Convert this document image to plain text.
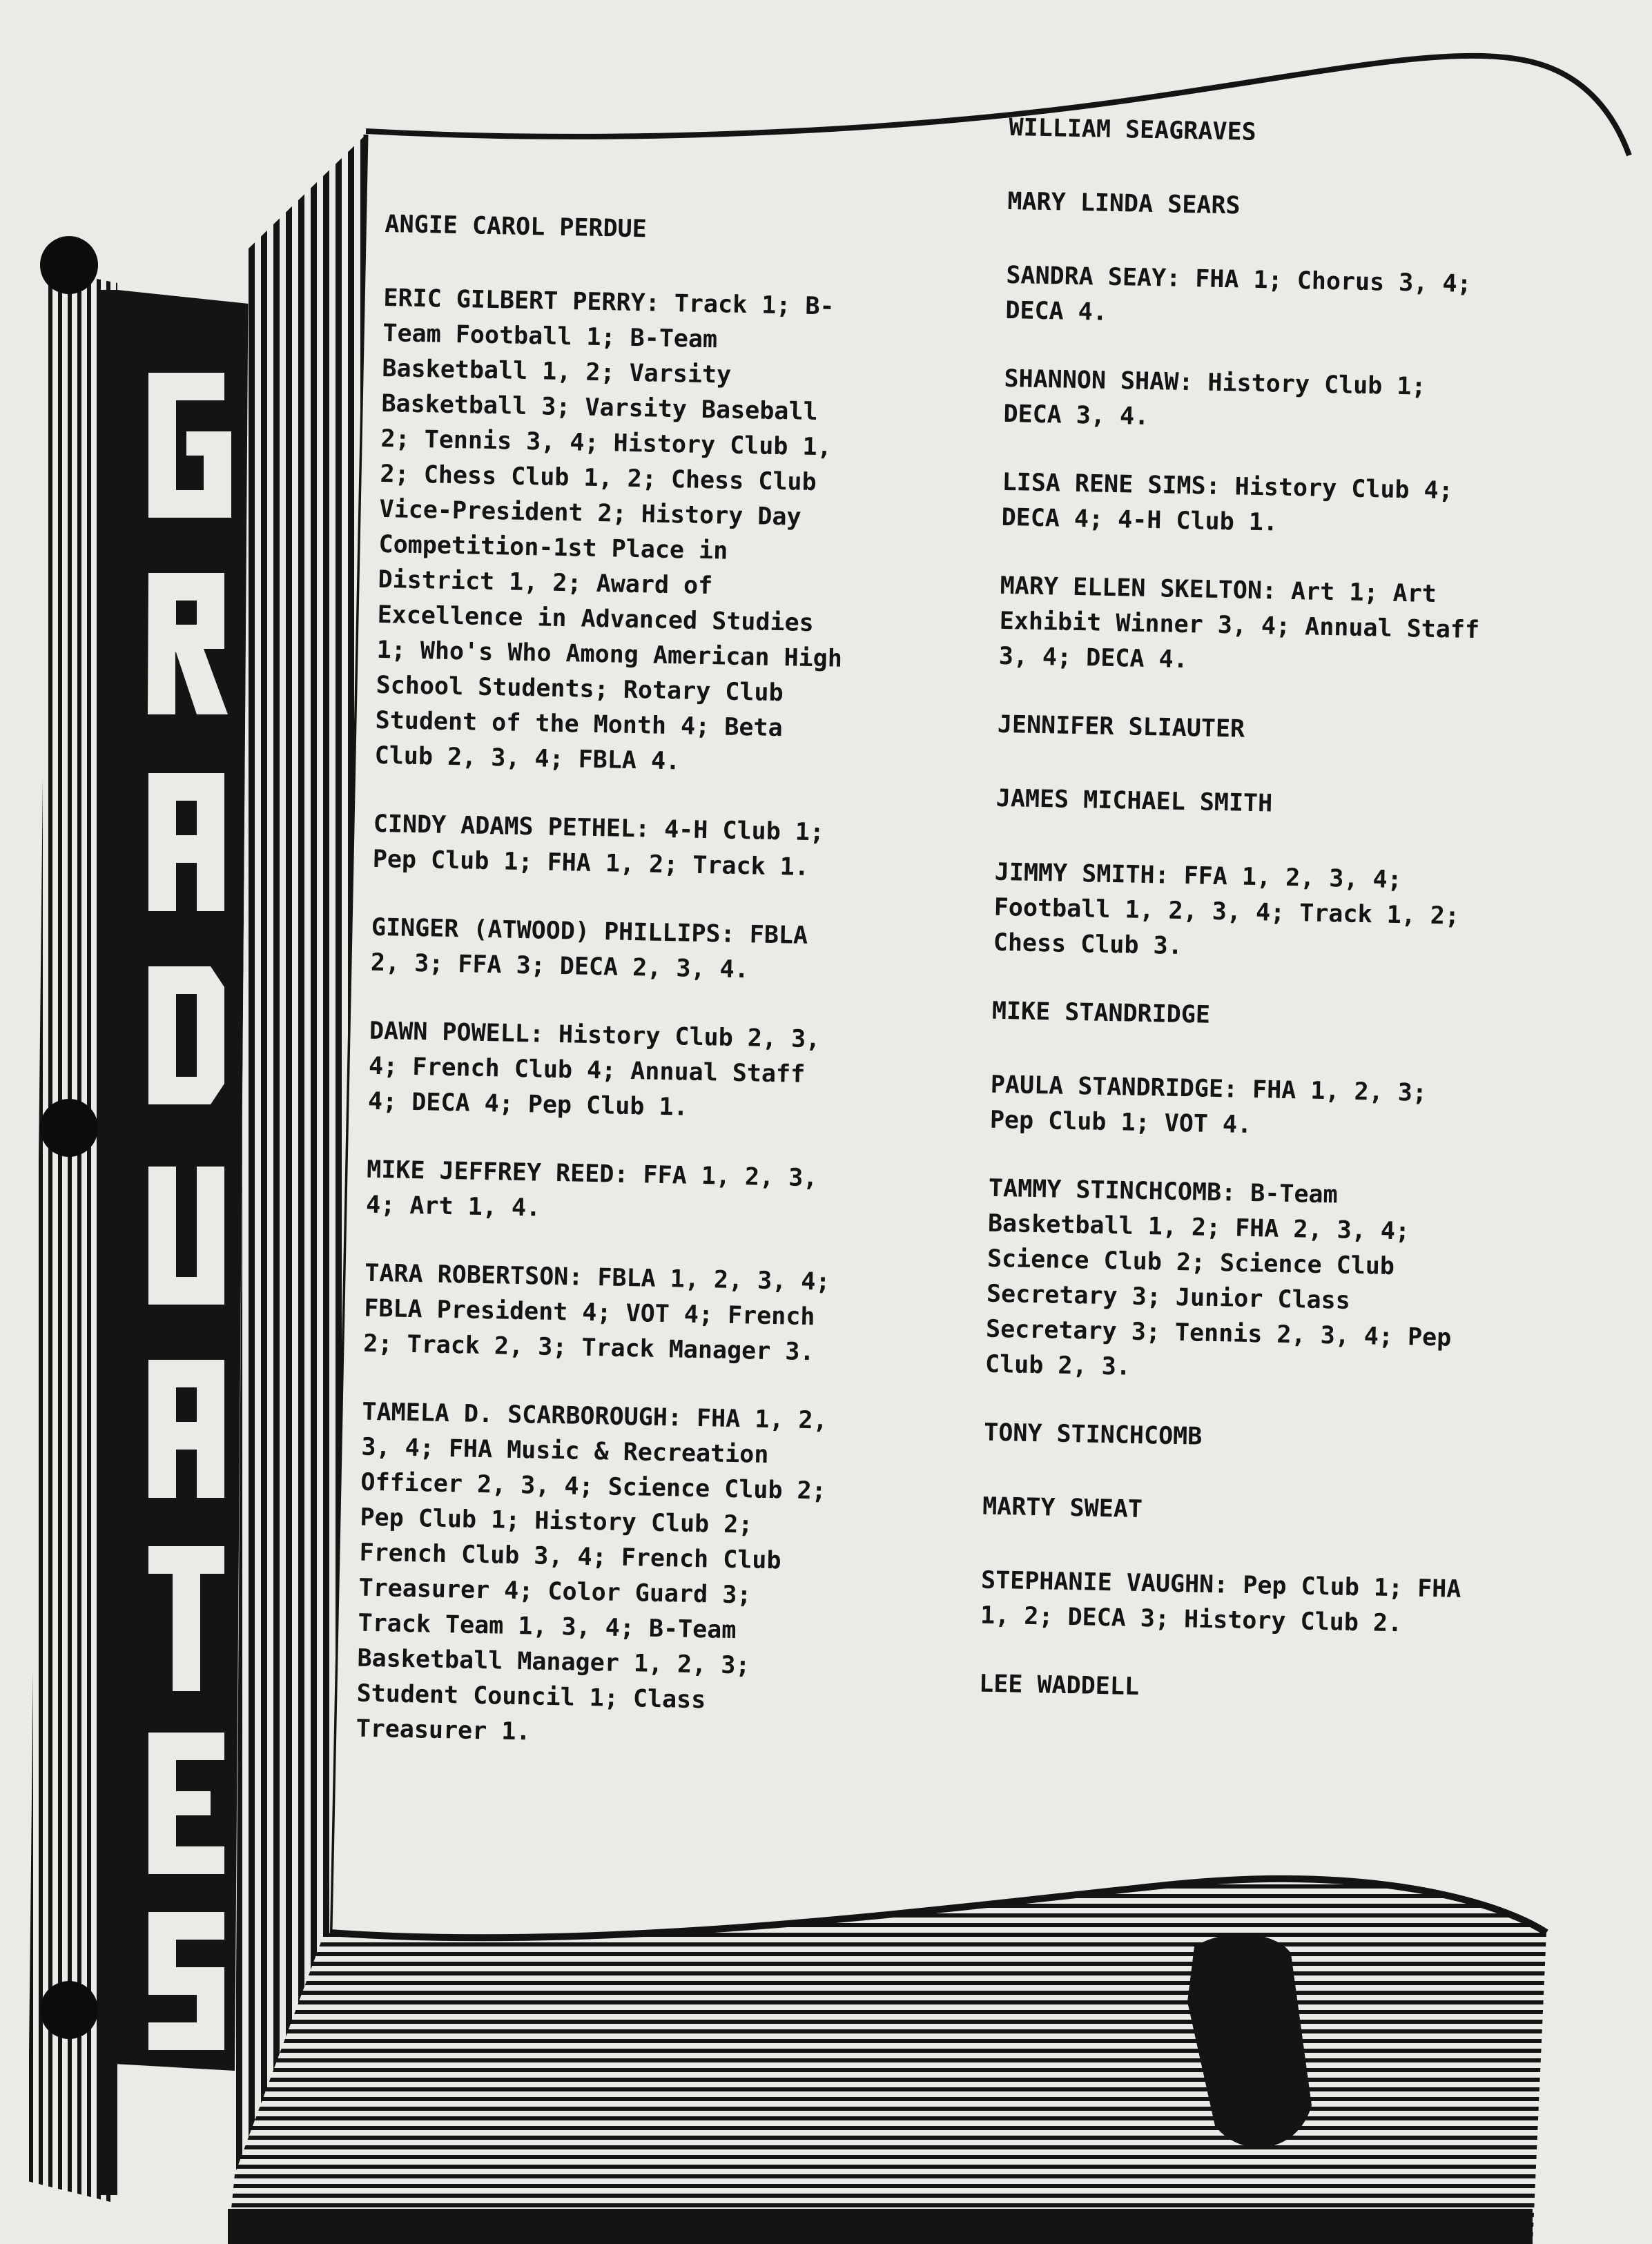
ANGIE CAROL PERDUE
ERIC GILBERT PERRY: Track 1; B-Team Football 1; B-Team Basketball 1, 2; Varsity Basketball 3; Varsity Baseball 2; Tennis 3, 4; History Club 1, 2; Chess Club 1, 2; Chess Club Vice-President 2; History Day Competition-1st Place in District 1, 2; Award of Excellence in Advanced Studies 1; Who's Who Among American High School Students; Rotary Club Student of the Month 4; Beta Club 2, 3, 4; FBLA 4.
CINDY ADAMS PETHEL: 4-H Club 1; Pep Club 1; FHA 1, 2; Track 1.
GINGER (ATWOOD) PHILLIPS: FBLA 2, 3; FFA 3; DECA 2, 3, 4.
DAWN POWELL: History Club 2, 3, 4; French Club 4; Annual Staff 4; DECA 4; Pep Club 1.
MIKE JEFFREY REED: FFA 1, 2, 3, 4; Art 1, 4.
TARA ROBERTSON: FBLA 1, 2, 3, 4; FBLA President 4; VOT 4; French 2; Track 2, 3; Track Manager 3.
TAMELA D. SCARBOROUGH: FHA 1, 2, 3, 4; FHA Music & Recreation Officer 2, 3, 4; Science Club 2; Pep Club 1; History Club 2; French Club 3, 4; French Club Treasurer 4; Color Guard 3; Track Team 1, 3, 4; B-Team Basketball Manager 1, 2, 3; Student Council 1; Class Treasurer 1.
WILLIAM SEAGRAVES
MARY LINDA SEARS
SANDRA SEAY: FHA 1; Chorus 3, 4; DECA 4.
SHANNON SHAW: History Club 1; DECA 3, 4.
LISA RENE SIMS: History Club 4; DECA 4; 4-H Club 1.
MARY ELLEN SKELTON: Art 1; Art Exhibit Winner 3, 4; Annual Staff 3, 4; DECA 4.
JENNIFER SLIAUTER
JAMES MICHAEL SMITH
JIMMY SMITH: FFA 1, 2, 3, 4; Football 1, 2, 3, 4; Track 1, 2; Chess Club 3.
MIKE STANDRIDGE
PAULA STANDRIDGE: FHA 1, 2, 3; Pep Club 1; VOT 4.
TAMMY STINCHCOMB: B-Team Basketball 1, 2; FHA 2, 3, 4; Science Club 2; Science Club Secretary 3; Junior Class Secretary 3; Tennis 2, 3, 4; Pep Club 2, 3.
TONY STINCHCOMB
MARTY SWEAT
STEPHANIE VAUGHN: Pep Club 1; FHA 1, 2; DECA 3; History Club 2.
LEE WADDELL
